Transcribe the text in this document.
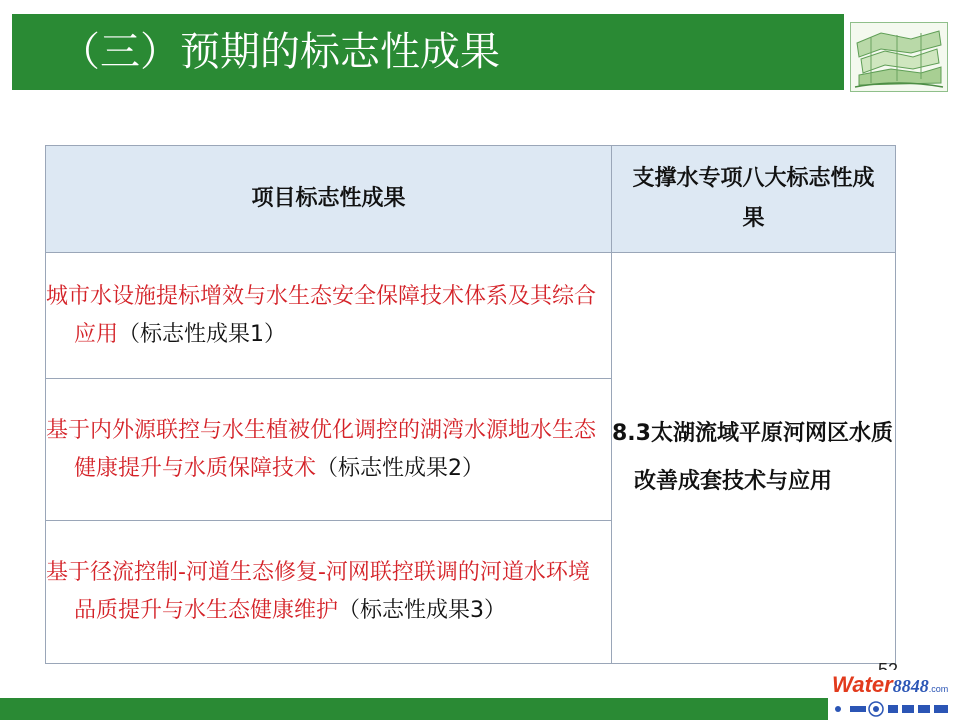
（三）预期的标志性成果
项目标志性成果	支撑水专项八大标志性成果

城市水设施提标增效与水生态安全保障技术体系及其综合应用（标志性成果1）	8.3太湖流域平原河网区水质改善成套技术与应用

基于内外源联控与水生植被优化调控的湖湾水源地水生态健康提升与水质保障技术（标志性成果2）	

基于径流控制-河道生态修复-河网联控联调的河道水环境品质提升与水生态健康维护（标志性成果3）	
Water8848.com
